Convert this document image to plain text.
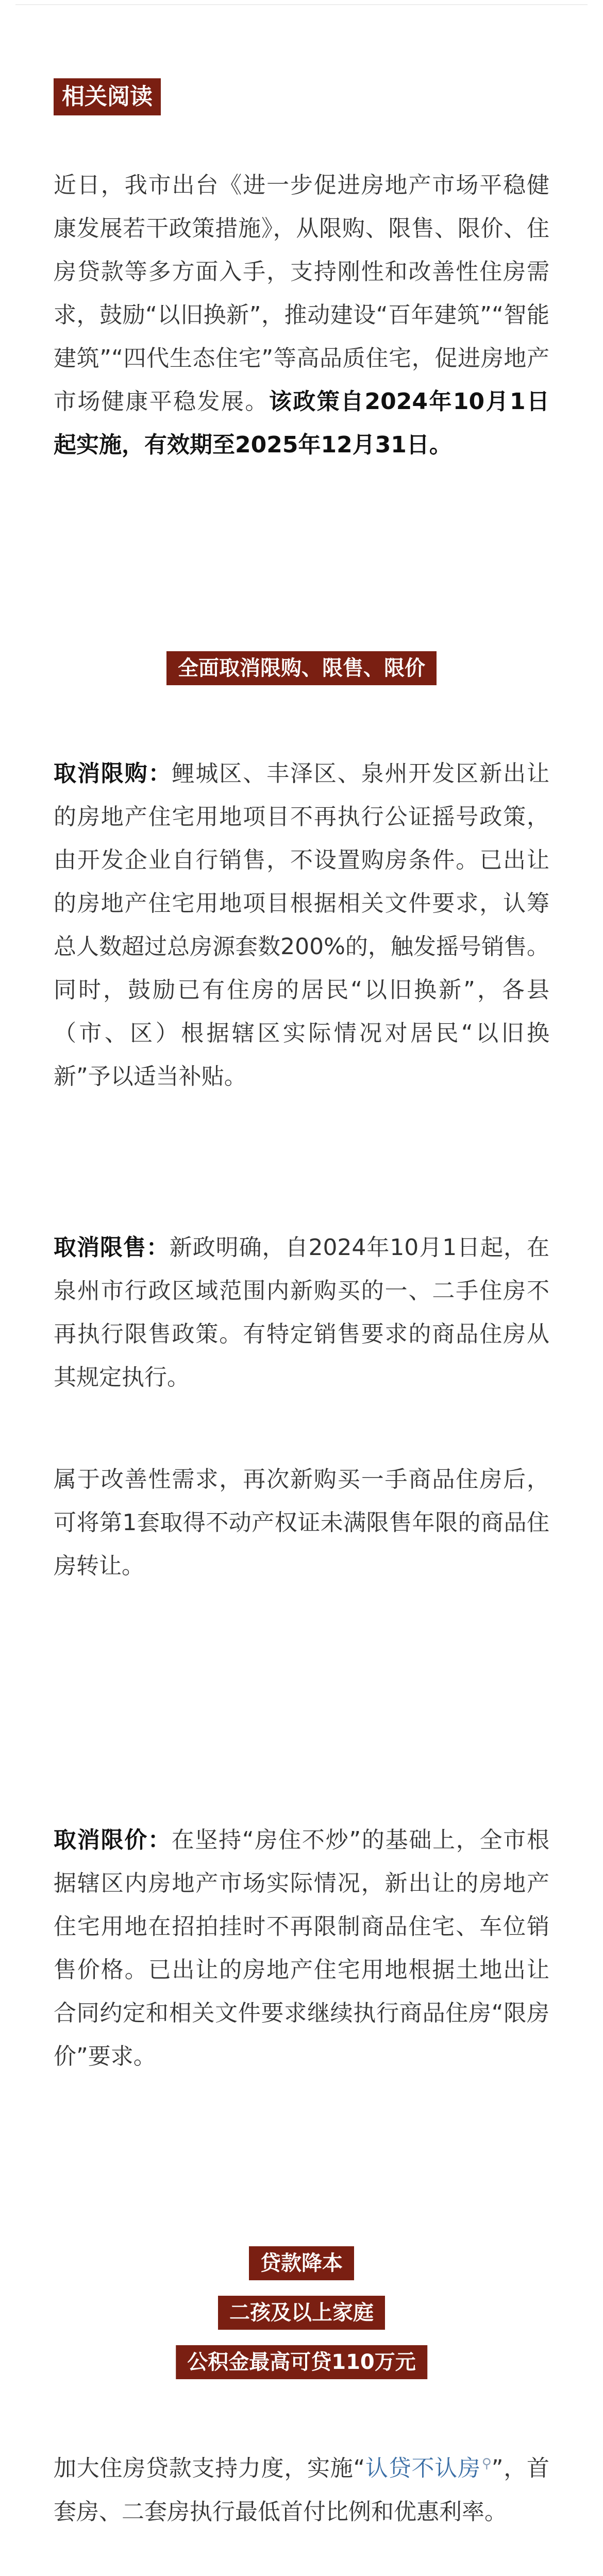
相关阅读

近日，我市出台《进一步促进房地产市场平稳健康发展若干政策措施》，从限购、限售、限价、住房贷款等多方面入手，支持刚性和改善性住房需求，鼓励“以旧换新”，推动建设“百年建筑”“智能建筑”“四代生态住宅”等高品质住宅，促进房地产市场健康平稳发展。该政策自2024年10月1日起实施，有效期至2025年12月31日。

全面取消限购、限售、限价

取消限购：鲤城区、丰泽区、泉州开发区新出让的房地产住宅用地项目不再执行公证摇号政策，由开发企业自行销售，不设置购房条件。已出让的房地产住宅用地项目根据相关文件要求，认筹总人数超过总房源套数200%的，触发摇号销售。同时，鼓励已有住房的居民“以旧换新”，各县（市、区）根据辖区实际情况对居民“以旧换新”予以适当补贴。

取消限售：新政明确，自2024年10月1日起，在泉州市行政区域范围内新购买的一、二手住房不再执行限售政策。有特定销售要求的商品住房从其规定执行。

属于改善性需求，再次新购买一手商品住房后，可将第1套取得不动产权证未满限售年限的商品住房转让。

取消限价：在坚持“房住不炒”的基础上，全市根据辖区内房地产市场实际情况，新出让的房地产住宅用地在招拍挂时不再限制商品住宅、车位销售价格。已出让的房地产住宅用地根据土地出让合同约定和相关文件要求继续执行商品住房“限房价”要求。

贷款降本
二孩及以上家庭
公积金最高可贷110万元

加大住房贷款支持力度，实施“认贷不认房⚲”，首套房、二套房执行最低首付比例和优惠利率。
